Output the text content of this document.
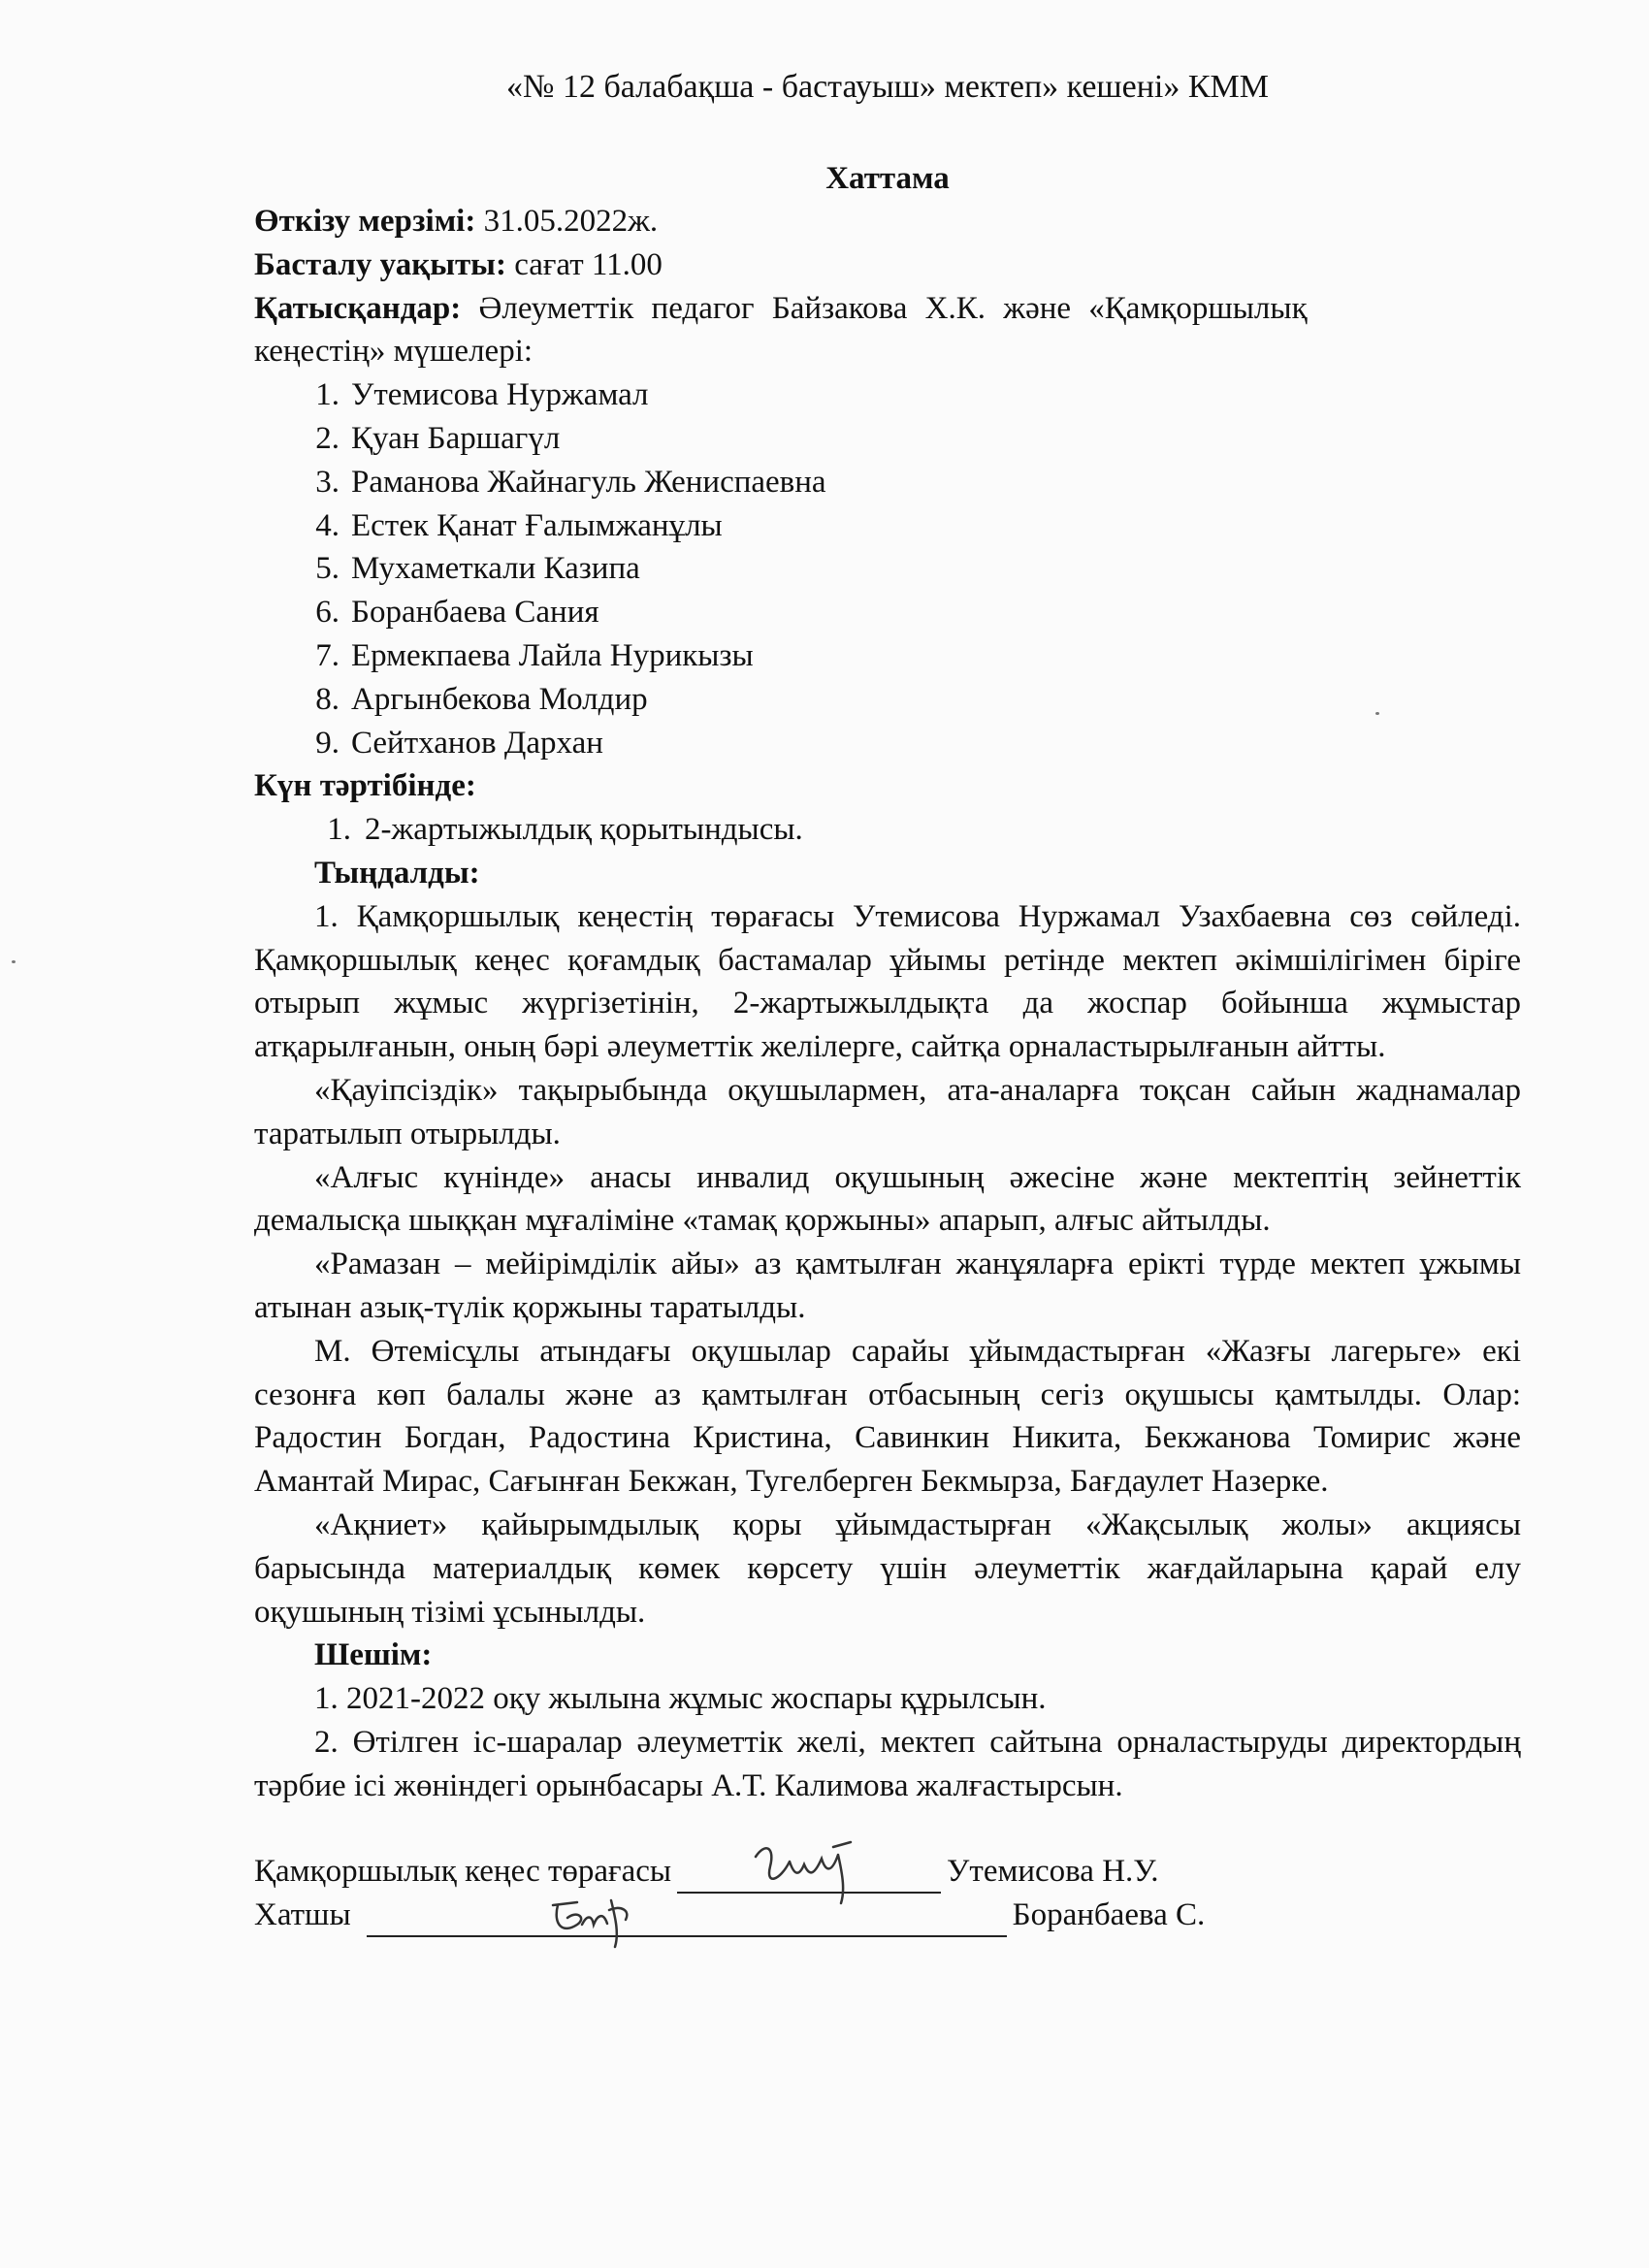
«№ 12 балабақша - бастауыш» мектеп» кешені» КММ
Хаттама
Өткізу мерзімі: 31.05.2022ж.
Басталу уақыты: сағат 11.00
Қатысқандар: Әлеуметтік педагог Байзакова Х.К. және «Қамқоршылық
кеңестің» мүшелері:
1. Утемисова Нуржамал
2. Қуан Баршагүл
3. Раманова Жайнагуль Жениспаевна
4. Естек Қанат Ғалымжанұлы
5. Мухаметкали Казипа
6. Боранбаева Сания
7. Ермекпаева Лайла Нурикызы
8. Аргынбекова Молдир
9. Сейтханов Дархан
Күн тәртібінде:
1. 2-жартыжылдық қорытындысы.
Тыңдалды:

1. Қамқоршылық кеңестің төрағасы Утемисова Нуржамал Узахбаевна сөз сөйледі. Қамқоршылық кеңес қоғамдық бастамалар ұйымы ретінде мектеп әкімшілігімен біріге отырып жұмыс жүргізетінін, 2-жартыжылдықта да жоспар бойынша жұмыстар атқарылғанын, оның бәрі әлеуметтік желілерге, сайтқа орналастырылғанын айтты.

«Қауіпсіздік» тақырыбында оқушылармен, ата-аналарға тоқсан сайын жаднамалар таратылып отырылды.

«Алғыс күнінде» анасы инвалид оқушының әжесіне және мектептің зейнеттік демалысқа шыққан мұғаліміне «тамақ қоржыны» апарып, алғыс айтылды.

«Рамазан – мейірімділік айы» аз қамтылған жанұяларға ерікті түрде мектеп ұжымы атынан азық-түлік қоржыны таратылды.

М. Өтемісұлы атындағы оқушылар сарайы ұйымдастырған «Жазғы лагерьге» екі сезонға көп балалы және аз қамтылған отбасының сегіз оқушысы қамтылды. Олар: Радостин Богдан, Радостина Кристина, Савинкин Никита, Бекжанова Томирис және Амантай Мирас, Сағынған Бекжан, Тугелберген Бекмырза, Бағдаулет Назерке.

«Ақниет» қайырымдылық қоры ұйымдастырған «Жақсылық жолы» акциясы барысында материалдық көмек көрсету үшін әлеуметтік жағдайларына қарай елу оқушының тізімі ұсынылды.

Шешім:

1. 2021-2022 оқу жылына жұмыс жоспары құрылсын.

2. Өтілген іс-шаралар әлеуметтік желі, мектеп сайтына орналастыруды директордың тәрбие ісі жөніндегі орынбасары А.Т. Калимова жалғастырсын.

Қамқоршылық кеңес төрағасы	Утемисова Н.У.
Хатшы	Боранбаева С.
